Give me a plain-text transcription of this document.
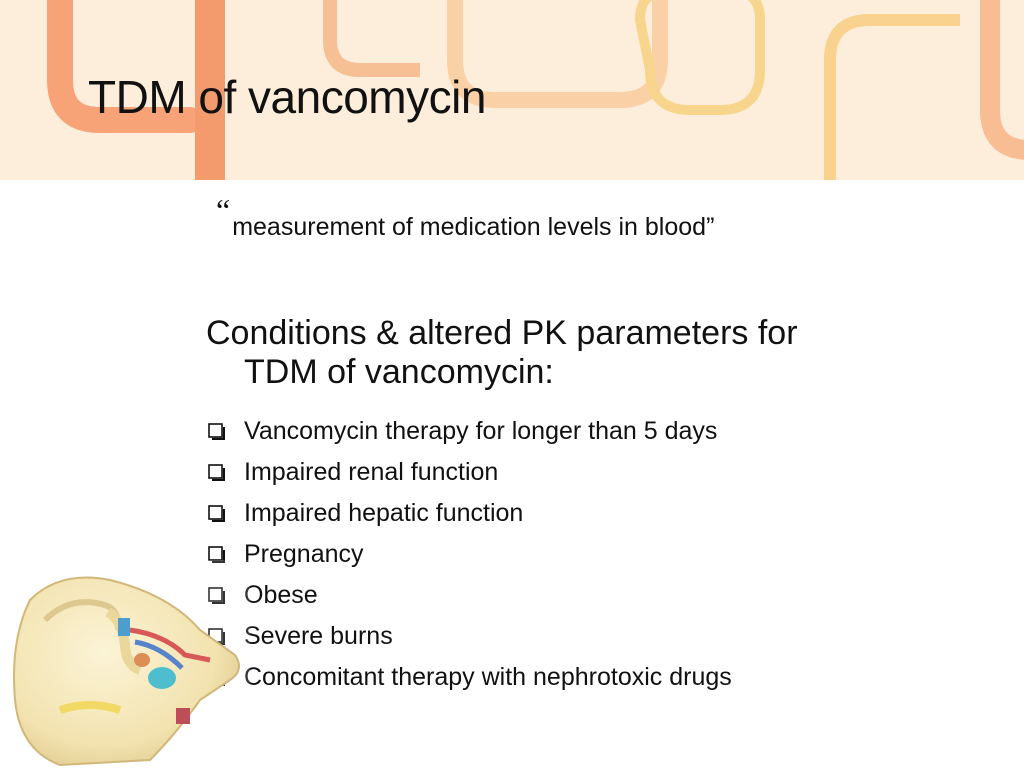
TDM of vancomycin
“measurement of medication levels in blood”
Conditions & altered PK parameters for
TDM of vancomycin:
Vancomycin therapy for longer than 5 days
Impaired renal function
Impaired hepatic function
Pregnancy
Obese
Severe burns
Concomitant therapy with nephrotoxic drugs
